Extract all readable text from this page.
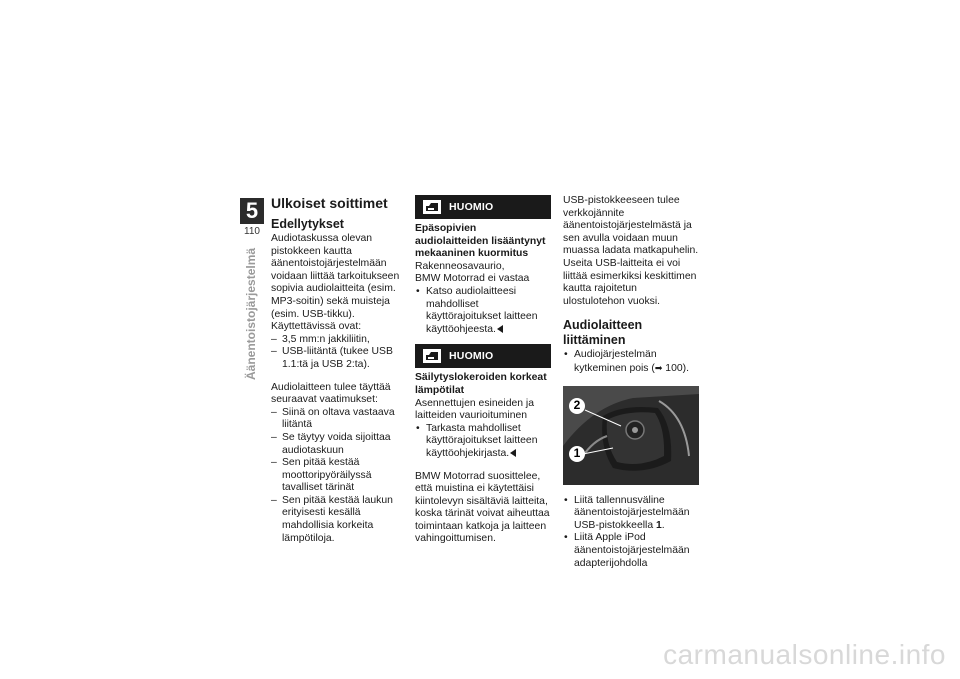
5
110
Äänentoistojärjestelmä
Ulkoiset soittimet
Edellytykset

Audiotaskussa olevan pistokkeen kautta äänentoistojärjestelmään voidaan liittää tarkoitukseen sopivia audiolaitteita (esim. MP3-soitin) sekä muisteja (esim. USB-tikku). Käyttettävissä ovat:

– 3,5 mm:n jakkiliitin,
– USB-liitäntä (tukee USB 1.1:tä ja USB 2:ta).

Audiolaitteen tulee täyttää seuraavat vaatimukset:

– Siinä on oltava vastaava liitäntä
– Se täytyy voida sijoittaa audiotaskuun
– Sen pitää kestää moottoripyöräilyssä tavalliset tärinät
– Sen pitää kestää laukun erityisesti kesällä mahdollisia korkeita lämpötiloja.
HUOMIO
Epäsopivien audiolaitteiden lisääntynyt mekaaninen kuormitus

Rakenneosavaurio,

BMW Motorrad ei vastaa

• Katso audiolaitteesi mahdolliset käyttörajoitukset laitteen käyttöohjeesta.
HUOMIO
Säilytyslokeroiden korkeat lämpötilat

Asennettujen esineiden ja laitteiden vaurioituminen

• Tarkasta mahdolliset käyttörajoitukset laitteen käyttöohjekirjasta.

BMW Motorrad suosittelee, että muistina ei käytettäisi kiintolevyn sisältäviä laitteita, koska tärinät voivat aiheuttaa toimintaan katkoja ja laitteen vahingoittumisen.

USB-pistokkeeseen tulee verkkojännite äänentoistojärjestelmästä ja sen avulla voidaan muun muassa ladata matkapuhelin. Useita USB-laitteita ei voi liittää esimerkiksi keskittimen kautta rajoitetun ulostulotehon vuoksi.

Audiolaitteen liittäminen
• Audiojärjestelmän kytkeminen pois (➡ 100).
2
1
• Liitä tallennusväline äänentoistojärjestelmään USB-pistokkeella 1.
• Liitä Apple iPod äänentoistojärjestelmään adapterijohdolla
carmanualsonline.info
